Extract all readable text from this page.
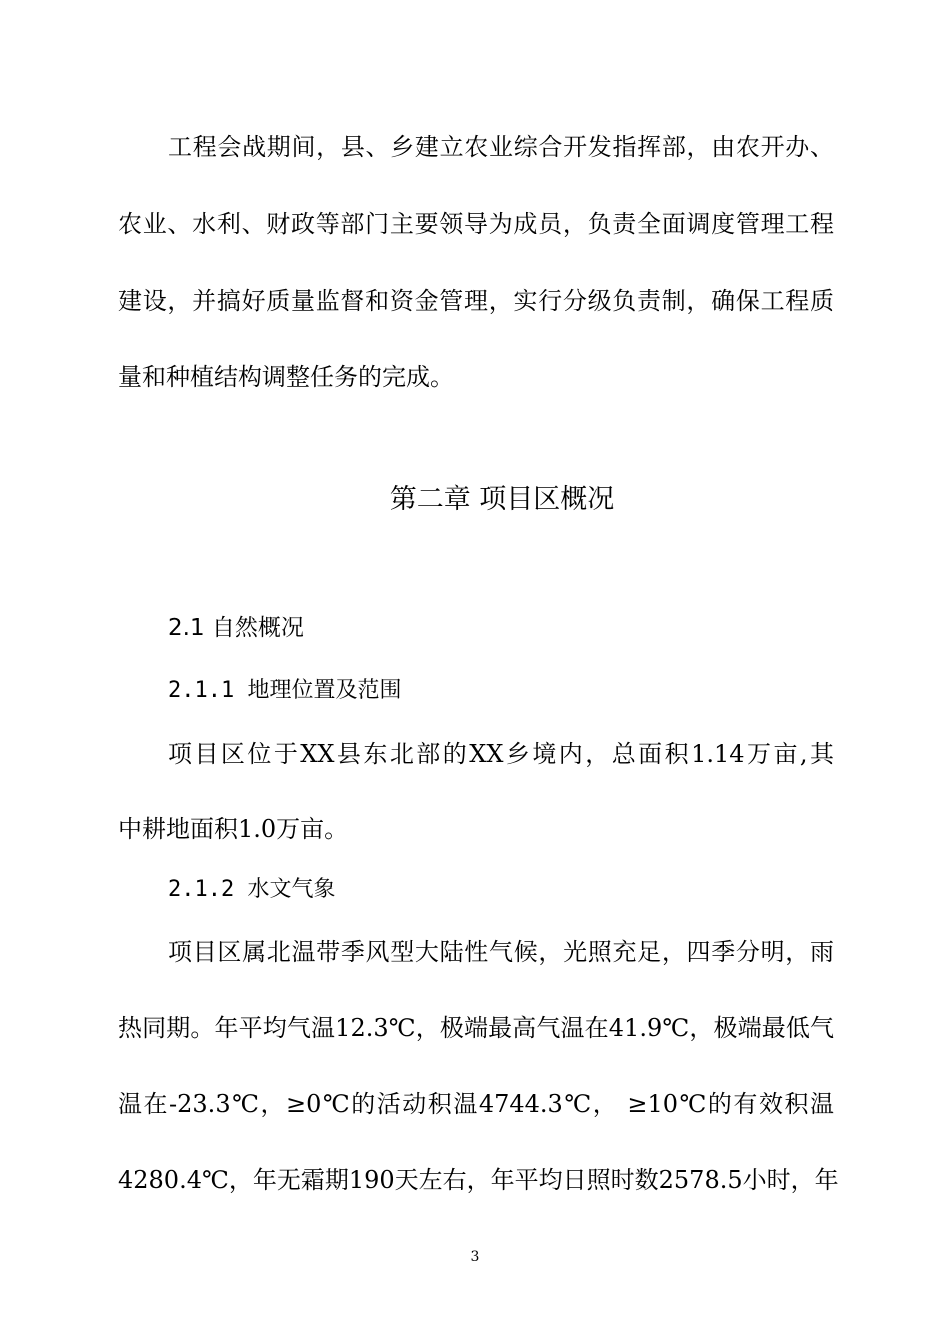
工程会战期间，县、乡建立农业综合开发指挥部，由农开办、
农业、水利、财政等部门主要领导为成员，负责全面调度管理工程
建设，并搞好质量监督和资金管理，实行分级负责制，确保工程质
量和种植结构调整任务的完成。
第二章 项目区概况
2.1 自然概况
2.1.1 地理位置及范围
项目区位于XX县东北部的XX乡境内，总面积1.14万亩,其
中耕地面积1.0万亩。
2.1.2 水文气象
项目区属北温带季风型大陆性气候，光照充足，四季分明，雨
热同期。年平均气温12.3℃，极端最高气温在41.9℃，极端最低气
温在-23.3℃，≥0℃的活动积温4744.3℃， ≥10℃的有效积温
4280.4℃，年无霜期190天左右，年平均日照时数2578.5小时，年
3
